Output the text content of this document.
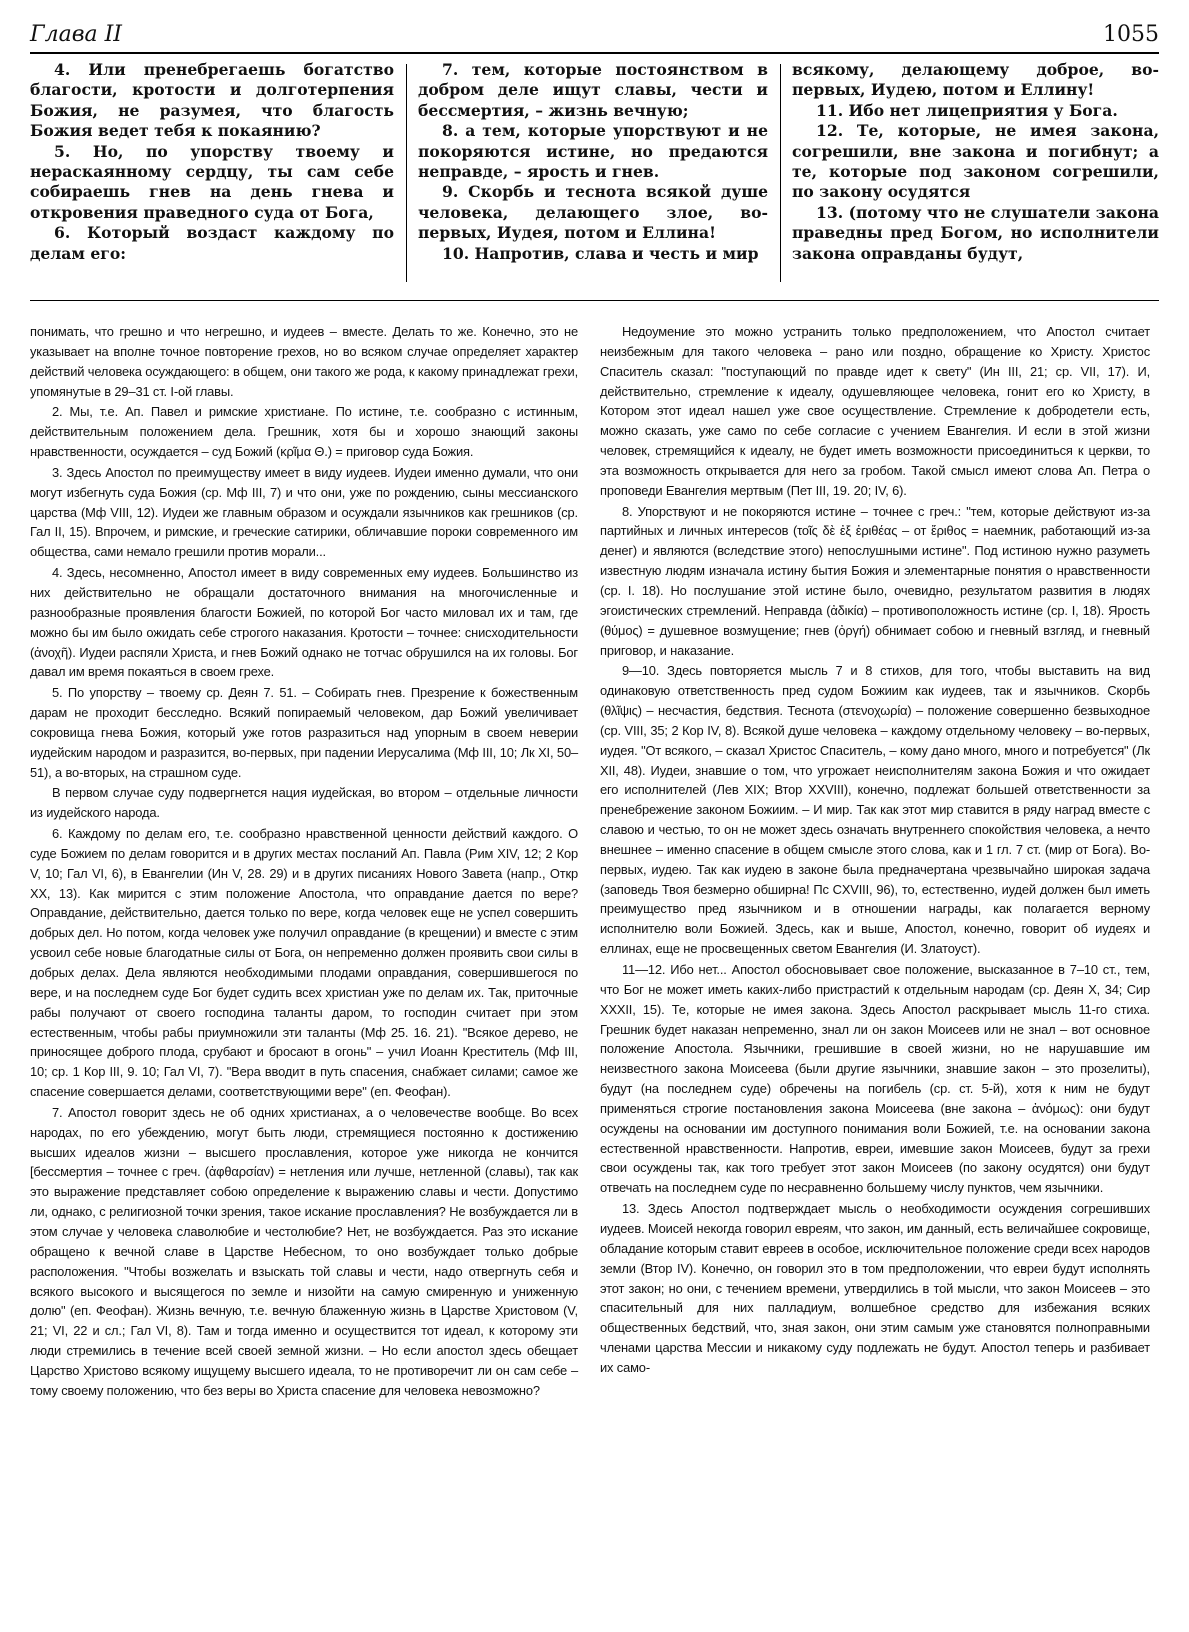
Глава II	1055

4. Или пренебрегаешь богатство благости, кротости и долготерпения Божия, не разумея, что благость Божия ведет тебя к покаянию?

5. Но, по упорству твоему и нераскаянному сердцу, ты сам себе собираешь гнев на день гнева и откровения праведного суда от Бога,

6. Который воздаст каждому по делам его:

7. тем, которые постоянством в добром деле ищут славы, чести и бессмертия, – жизнь вечную;

8. а тем, которые упорствуют и не покоряются истине, но предаются неправде, – ярость и гнев.

9. Скорбь и теснота всякой душе человека, делающего злое, во-первых, Иудея, потом и Еллина!

10. Напротив, слава и честь и мир

всякому, делающему доброе, во-первых, Иудею, потом и Еллину!

11. Ибо нет лицеприятия у Бога.

12. Те, которые, не имея закона, согрешили, вне закона и погибнут; а те, которые под законом согрешили, по закону осудятся

13. (потому что не слушатели закона праведны пред Богом, но исполнители закона оправданы будут,

понимать, что грешно и что негрешно, и иудеев – вместе. Делать то же. Конечно, это не указывает на вполне точное повторение грехов, но во всяком случае определяет характер действий человека осуждающего: в общем, они такого же рода, к какому принадлежат грехи, упомянутые в 29–31 ст. I-ой главы.

2. Мы, т.е. Ап. Павел и римские христиане. По истине, т.е. сообразно с истинным, действительным положением дела. Грешник, хотя бы и хорошо знающий законы нравственности, осуждается – суд Божий (κρῖμα Θ.) = приговор суда Божия.

3. Здесь Апостол по преимуществу имеет в виду иудеев. Иудеи именно думали, что они могут избегнуть суда Божия (ср. Мф III, 7) и что они, уже по рождению, сыны мессианского царства (Мф VIII, 12). Иудеи же главным образом и осуждали язычников как грешников (ср. Гал II, 15). Впрочем, и римские, и греческие сатирики, обличавшие пороки современного им общества, сами немало грешили против морали...

4. Здесь, несомненно, Апостол имеет в виду современных ему иудеев. Большинство из них действительно не обращали достаточного внимания на многочисленные и разнообразные проявления благости Божией, по которой Бог часто миловал их и там, где можно бы им было ожидать себе строгого наказания. Кротости – точнее: снисходительности (ἀνοχῆ). Иудеи распяли Христа, и гнев Божий однако не тотчас обрушился на их головы. Бог давал им время покаяться в своем грехе.

5. По упорству – твоему ср. Деян 7. 51. – Собирать гнев. Презрение к божественным дарам не проходит бесследно. Всякий попираемый человеком, дар Божий увеличивает сокровища гнева Божия, который уже готов разразиться над упорным в своем неверии иудейским народом и разразится, во-первых, при падении Иерусалима (Мф III, 10; Лк XI, 50–51), а во-вторых, на страшном суде.

В первом случае суду подвергнется нация иудейская, во втором – отдельные личности из иудейского народа.

6. Каждому по делам его, т.е. сообразно нравственной ценности действий каждого. О суде Божием по делам говорится и в других местах посланий Ап. Павла (Рим XIV, 12; 2 Кор V, 10; Гал VI, 6), в Евангелии (Ин V, 28. 29) и в других писаниях Нового Завета (напр., Откр XX, 13). Как мирится с этим положение Апостола, что оправдание дается по вере? Оправдание, действительно, дается только по вере, когда человек еще не успел совершить добрых дел. Но потом, когда человек уже получил оправдание (в крещении) и вместе с этим усвоил себе новые благодатные силы от Бога, он непременно должен проявить свои силы в добрых делах. Дела являются необходимыми плодами оправдания, совершившегося по вере, и на последнем суде Бог будет судить всех христиан уже по делам их. Так, приточные рабы получают от своего господина таланты даром, то господин считает при этом естественным, чтобы рабы приумножили эти таланты (Мф 25. 16. 21). "Всякое дерево, не приносящее доброго плода, срубают и бросают в огонь" – учил Иоанн Креститель (Мф III, 10; ср. 1 Кор III, 9. 10; Гал VI, 7). "Вера вводит в путь спасения, снабжает силами; самое же спасение совершается делами, соответствующими вере" (еп. Феофан).

7. Апостол говорит здесь не об одних христианах, а о человечестве вообще. Во всех народах, по его убеждению, могут быть люди, стремящиеся постоянно к достижению высших идеалов жизни – высшего прославления, которое уже никогда не кончится [бессмертия – точнее с греч. (ἀφθαρσίαν) = нетления или лучше, нетленной (славы), так как это выражение представляет собою определение к выражению славы и чести. Допустимо ли, однако, с религиозной точки зрения, такое искание прославления? Не возбуждается ли в этом случае у человека славолюбие и честолюбие? Нет, не возбуждается. Раз это искание обращено к вечной славе в Царстве Небесном, то оно возбуждает только добрые расположения. "Чтобы возжелать и взыскать той славы и чести, надо отвергнуть себя и всякого высокого и высящегося по земле и низойти на самую смиренную и униженную долю" (еп. Феофан). Жизнь вечную, т.е. вечную блаженную жизнь в Царстве Христовом (V, 21; VI, 22 и сл.; Гал VI, 8). Там и тогда именно и осуществится тот идеал, к которому эти люди стремились в течение всей своей земной жизни. – Но если апостол здесь обещает Царство Христово всякому ищущему высшего идеала, то не противоречит ли он сам себе – тому своему положению, что без веры во Христа спасение для человека невозможно?

Недоумение это можно устранить только предположением, что Апостол считает неизбежным для такого человека – рано или поздно, обращение ко Христу. Христос Спаситель сказал: "поступающий по правде идет к свету" (Ин III, 21; ср. VII, 17). И, действительно, стремление к идеалу, одушевляющее человека, гонит его ко Христу, в Котором этот идеал нашел уже свое осуществление. Стремление к добродетели есть, можно сказать, уже само по себе согласие с учением Евангелия. И если в этой жизни человек, стремящийся к идеалу, не будет иметь возможности присоединиться к церкви, то эта возможность открывается для него за гробом. Такой смысл имеют слова Ап. Петра о проповеди Евангелия мертвым (Пет III, 19. 20; IV, 6).

8. Упорствуют и не покоряются истине – точнее с греч.: "тем, которые действуют из-за партийных и личных интересов (τοῖς δὲ ἐξ ἐριθέας – от ἔριθος = наемник, работающий из-за денег) и являются (вследствие этого) непослушными истине". Под истиною нужно разуметь известную людям изначала истину бытия Божия и элементарные понятия о нравственности (ср. I. 18). Но послушание этой истине было, очевидно, результатом развития в людях эгоистических стремлений. Неправда (ἀδικία) – противоположность истине (ср. I, 18). Ярость (θύμος) = душевное возмущение; гнев (ὀργή) обнимает собою и гневный взгляд, и гневный приговор, и наказание.

9—10. Здесь повторяется мысль 7 и 8 стихов, для того, чтобы выставить на вид одинаковую ответственность пред судом Божиим как иудеев, так и язычников. Скорбь (θλῖψις) – несчастия, бедствия. Теснота (στενοχωρία) – положение совершенно безвыходное (ср. VIII, 35; 2 Кор IV, 8). Всякой душе человека – каждому отдельному человеку – во-первых, иудея. "От всякого, – сказал Христос Спаситель, – кому дано много, много и потребуется" (Лк XII, 48). Иудеи, знавшие о том, что угрожает неисполнителям закона Божия и что ожидает его исполнителей (Лев XIX; Втор XXVIII), конечно, подлежат большей ответственности за пренебрежение законом Божиим. – И мир. Так как этот мир ставится в ряду наград вместе с славою и честью, то он не может здесь означать внутреннего спокойствия человека, а нечто внешнее – именно спасение в общем смысле этого слова, как и 1 гл. 7 ст. (мир от Бога). Во-первых, иудею. Так как иудею в законе была предначертана чрезвычайно широкая задача (заповедь Твоя безмерно обширна! Пс CXVIII, 96), то, естественно, иудей должен был иметь преимущество пред язычником и в отношении награды, как полагается верному исполнителю воли Божией. Здесь, как и выше, Апостол, конечно, говорит об иудеях и еллинах, еще не просвещенных светом Евангелия (И. Златоуст).

11—12. Ибо нет... Апостол обосновывает свое положение, высказанное в 7–10 ст., тем, что Бог не может иметь каких-либо пристрастий к отдельным народам (ср. Деян X, 34; Сир XXXII, 15). Те, которые не имея закона. Здесь Апостол раскрывает мысль 11-го стиха. Грешник будет наказан непременно, знал ли он закон Моисеев или не знал – вот основное положение Апостола. Язычники, грешившие в своей жизни, но не нарушавшие им неизвестного закона Моисеева (были другие язычники, знавшие закон – это прозелиты), будут (на последнем суде) обречены на погибель (ср. ст. 5-й), хотя к ним не будут применяться строгие постановления закона Моисеева (вне закона – ἀνόμως): они будут осуждены на основании им доступного понимания воли Божией, т.е. на основании закона естественной нравственности. Напротив, евреи, имевшие закон Моисеев, будут за грехи свои осуждены так, как того требует этот закон Моисеев (по закону осудятся) они будут отвечать на последнем суде по несравненно большему числу пунктов, чем язычники.

13. Здесь Апостол подтверждает мысль о необходимости осуждения согрешивших иудеев. Моисей некогда говорил евреям, что закон, им данный, есть величайшее сокровище, обладание которым ставит евреев в особое, исключительное положение среди всех народов земли (Втор IV). Конечно, он говорил это в том предположении, что евреи будут исполнять этот закон; но они, с течением времени, утвердились в той мысли, что закон Моисеев – это спасительный для них палладиум, волшебное средство для избежания всяких общественных бедствий, что, зная закон, они этим самым уже становятся полноправными членами царства Мессии и никакому суду подлежать не будут. Апостол теперь и разбивает их само-
